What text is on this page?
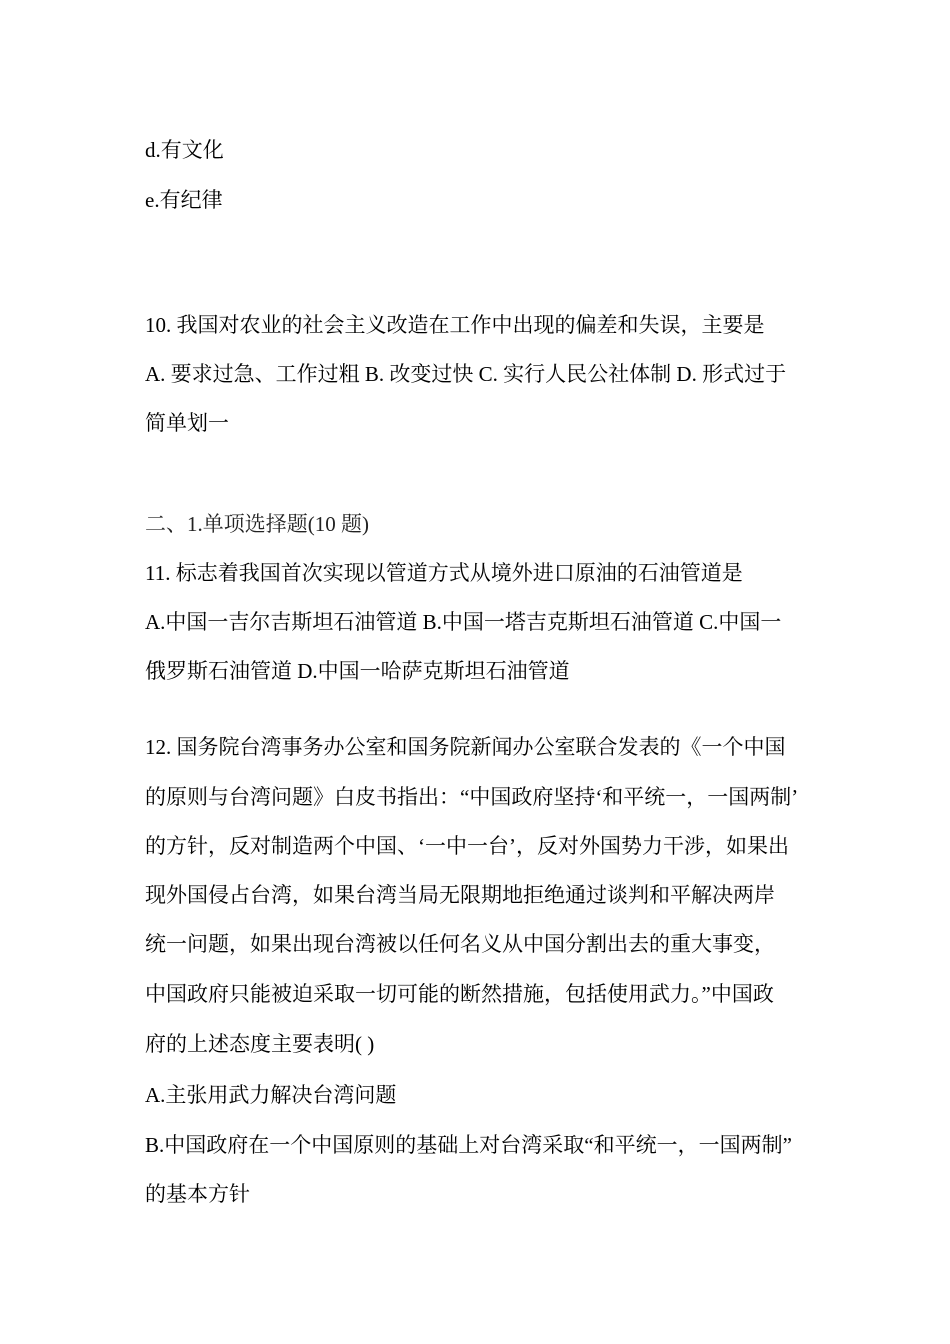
d.有文化
e.有纪律
10. 我国对农业的社会主义改造在工作中出现的偏差和失误，主要是
A. 要求过急、工作过粗 B. 改变过快 C. 实行人民公社体制 D. 形式过于
简单划一
二、1.单项选择题(10 题)
11. 标志着我国首次实现以管道方式从境外进口原油的石油管道是
A.中国一吉尔吉斯坦石油管道 B.中国一塔吉克斯坦石油管道 C.中国一
俄罗斯石油管道 D.中国一哈萨克斯坦石油管道
12. 国务院台湾事务办公室和国务院新闻办公室联合发表的《一个中国
的原则与台湾问题》白皮书指出：“中国政府坚持‘和平统一，一国两制’
的方针，反对制造两个中国、‘一中一台’，反对外国势力干涉，如果出
现外国侵占台湾，如果台湾当局无限期地拒绝通过谈判和平解决两岸
统一问题，如果出现台湾被以任何名义从中国分割出去的重大事变，
中国政府只能被迫采取一切可能的断然措施，包括使用武力。”中国政
府的上述态度主要表明( )
A.主张用武力解决台湾问题
B.中国政府在一个中国原则的基础上对台湾采取“和平统一，一国两制”
的基本方针
